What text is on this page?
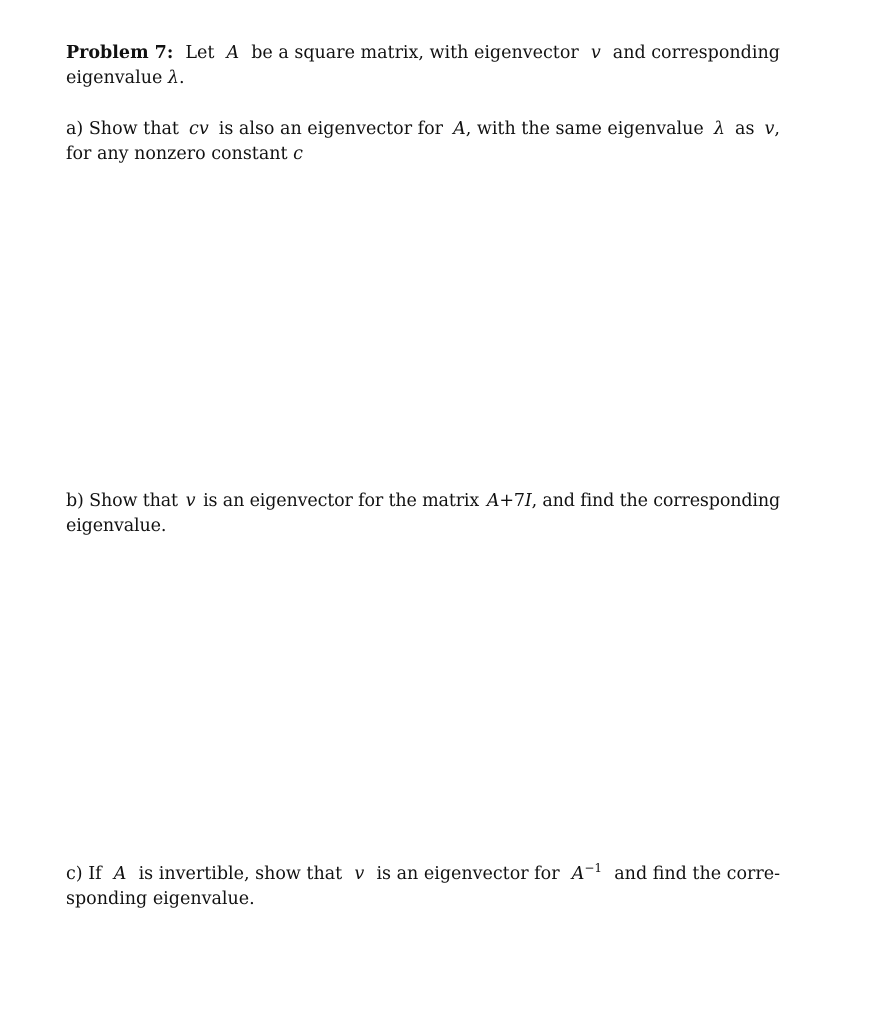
Problem 7: Let A be a square matrix, with eigenvector v and corresponding
eigenvalue λ.
a) Show that cv is also an eigenvector for A, with the same eigenvalue λ as v,
for any nonzero constant c
b) Show that v is an eigenvector for the matrix A+7I, and find the corresponding
eigenvalue.
c) If A is invertible, show that v is an eigenvector for $A^{-1}$ and find the corre-
sponding eigenvalue.
